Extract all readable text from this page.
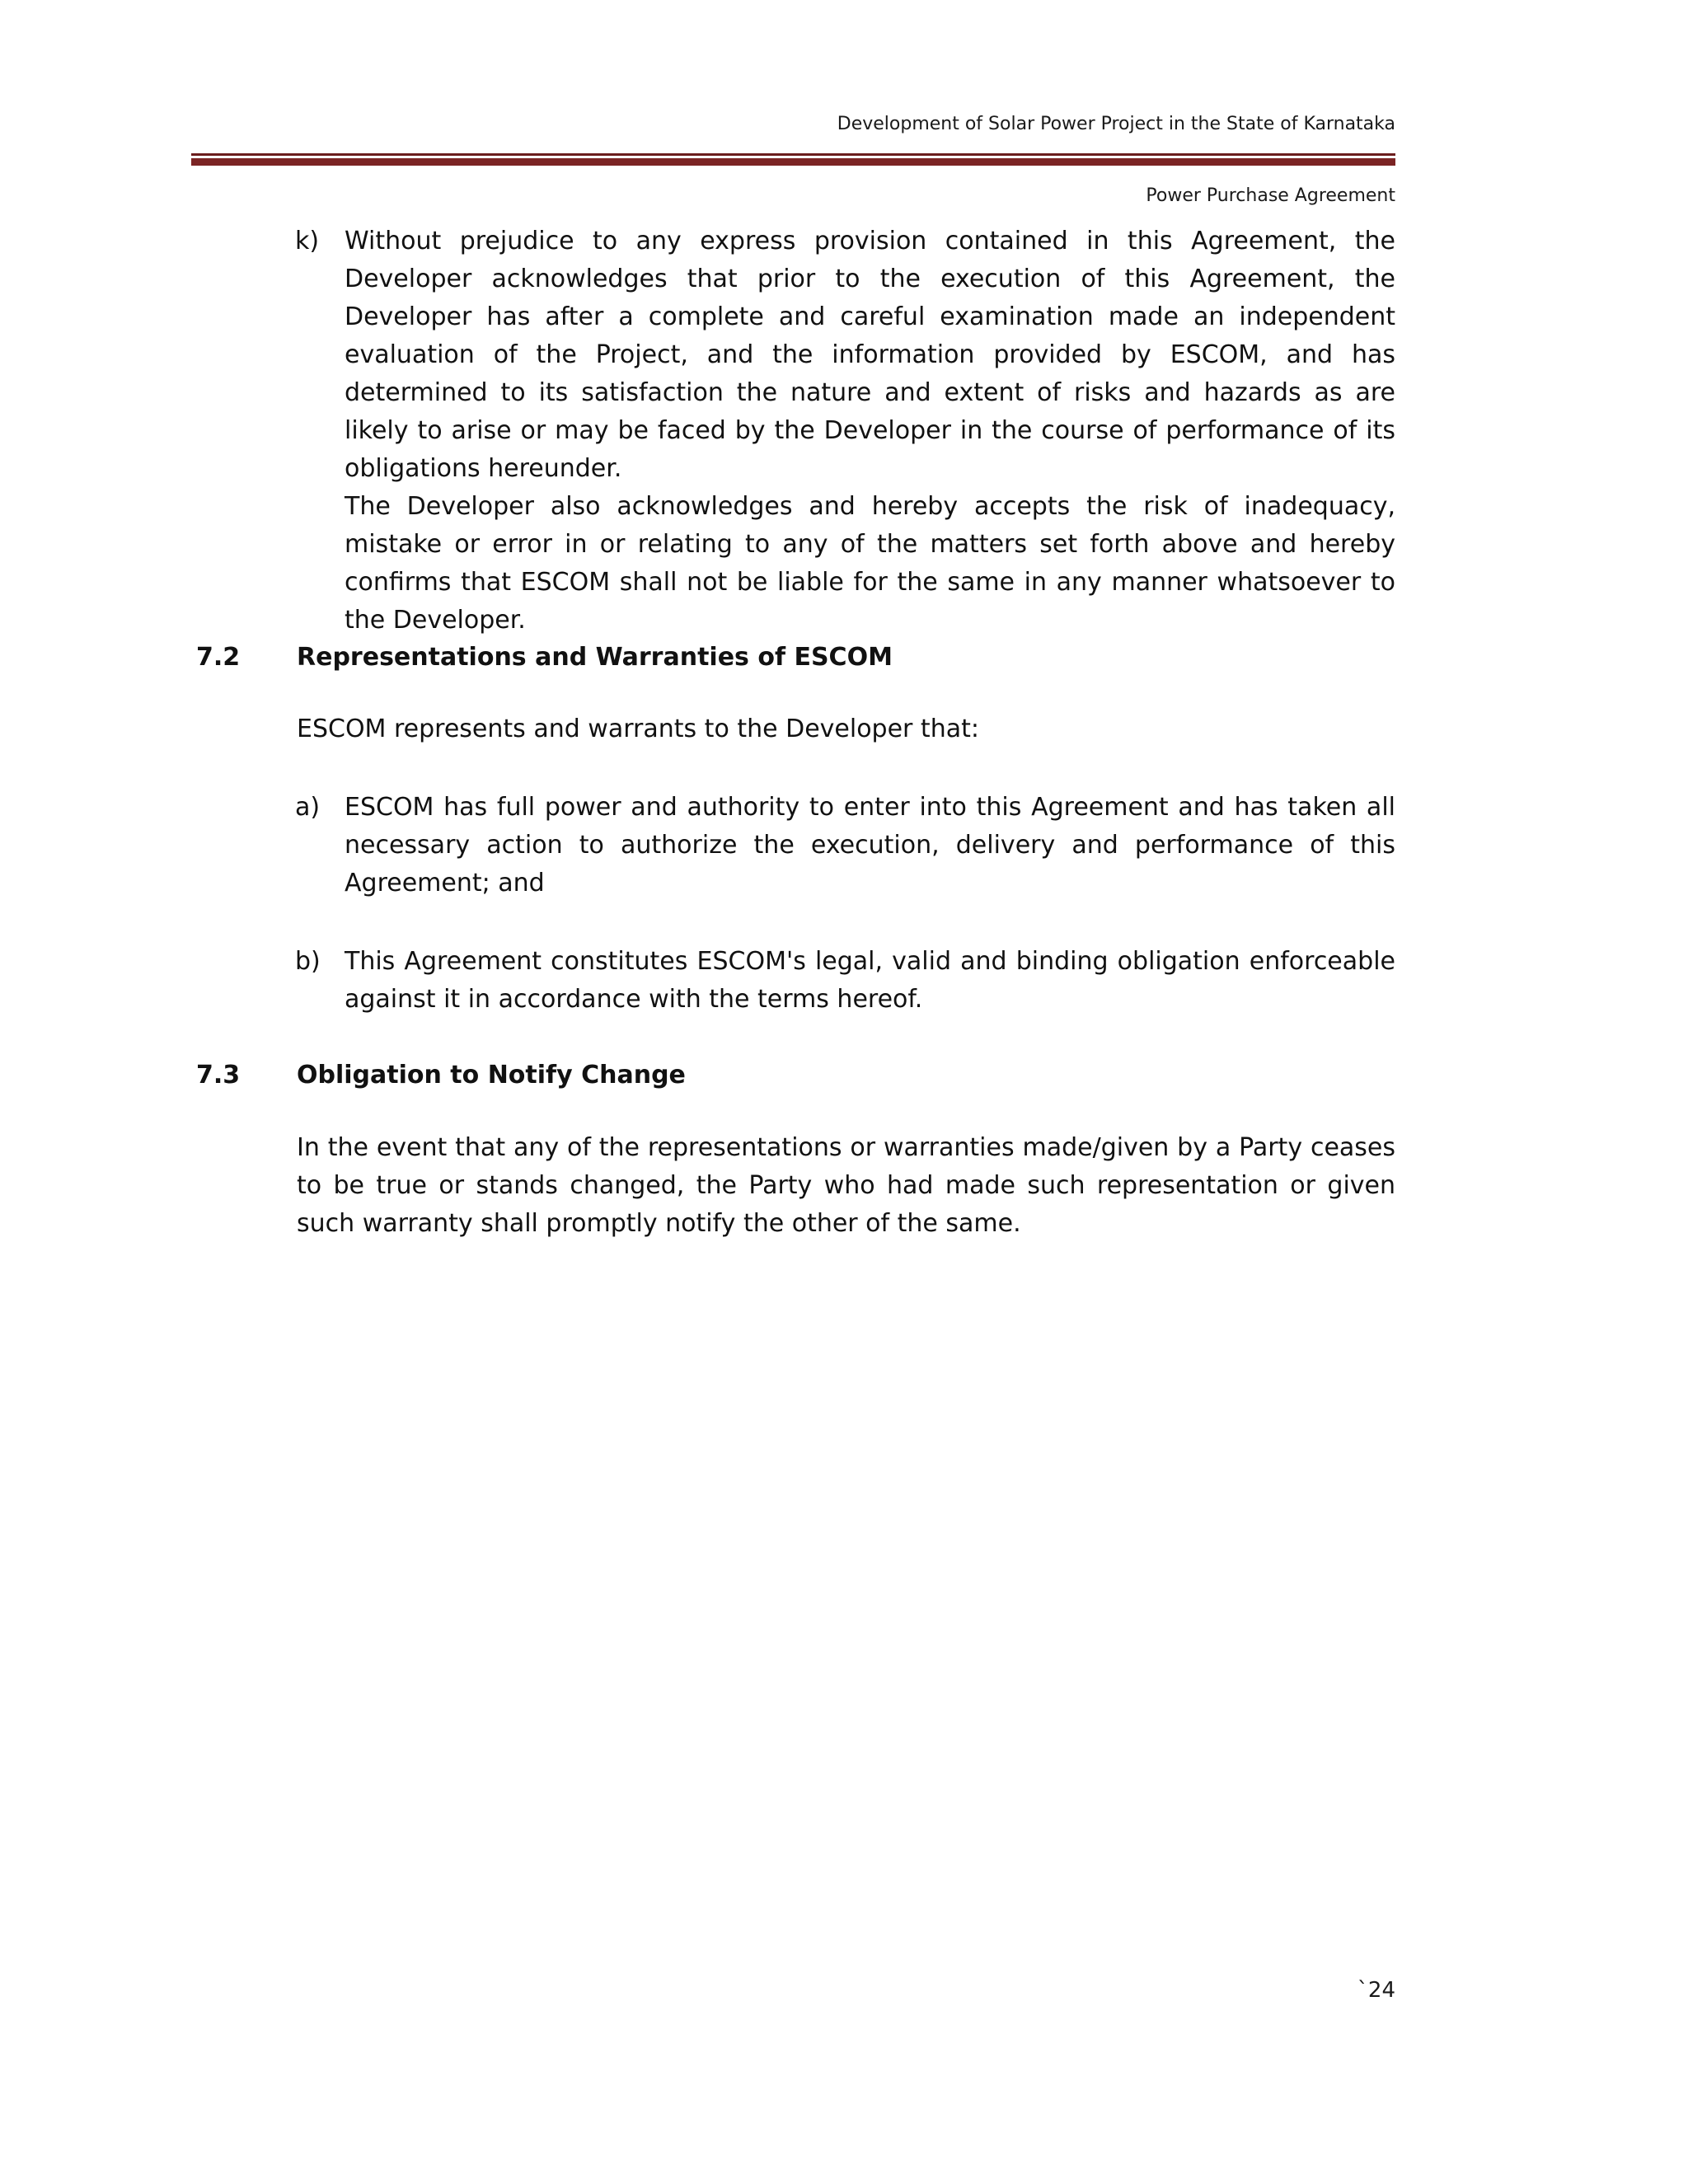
Development of Solar Power Project in the State of Karnataka
Power Purchase Agreement
k) Without prejudice to any express provision contained in this Agreement, the Developer acknowledges that prior to the execution of this Agreement, the Developer has after a complete and careful examination made an independent evaluation of the Project, and the information provided by ESCOM, and has determined to its satisfaction the nature and extent of risks and hazards as are likely to arise or may be faced by the Developer in the course of performance of its obligations hereunder.

The Developer also acknowledges and hereby accepts the risk of inadequacy, mistake or error in or relating to any of the matters set forth above and hereby confirms that ESCOM shall not be liable for the same in any manner whatsoever to the Developer.

7.2 Representations and Warranties of ESCOM

ESCOM represents and warrants to the Developer that:

a) ESCOM has full power and authority to enter into this Agreement and has taken all necessary action to authorize the execution, delivery and performance of this Agreement; and

b) This Agreement constitutes ESCOM's legal, valid and binding obligation enforceable against it in accordance with the terms hereof.

7.3 Obligation to Notify Change

In the event that any of the representations or warranties made/given by a Party ceases to be true or stands changed, the Party who had made such representation or given such warranty shall promptly notify the other of the same.

`24
